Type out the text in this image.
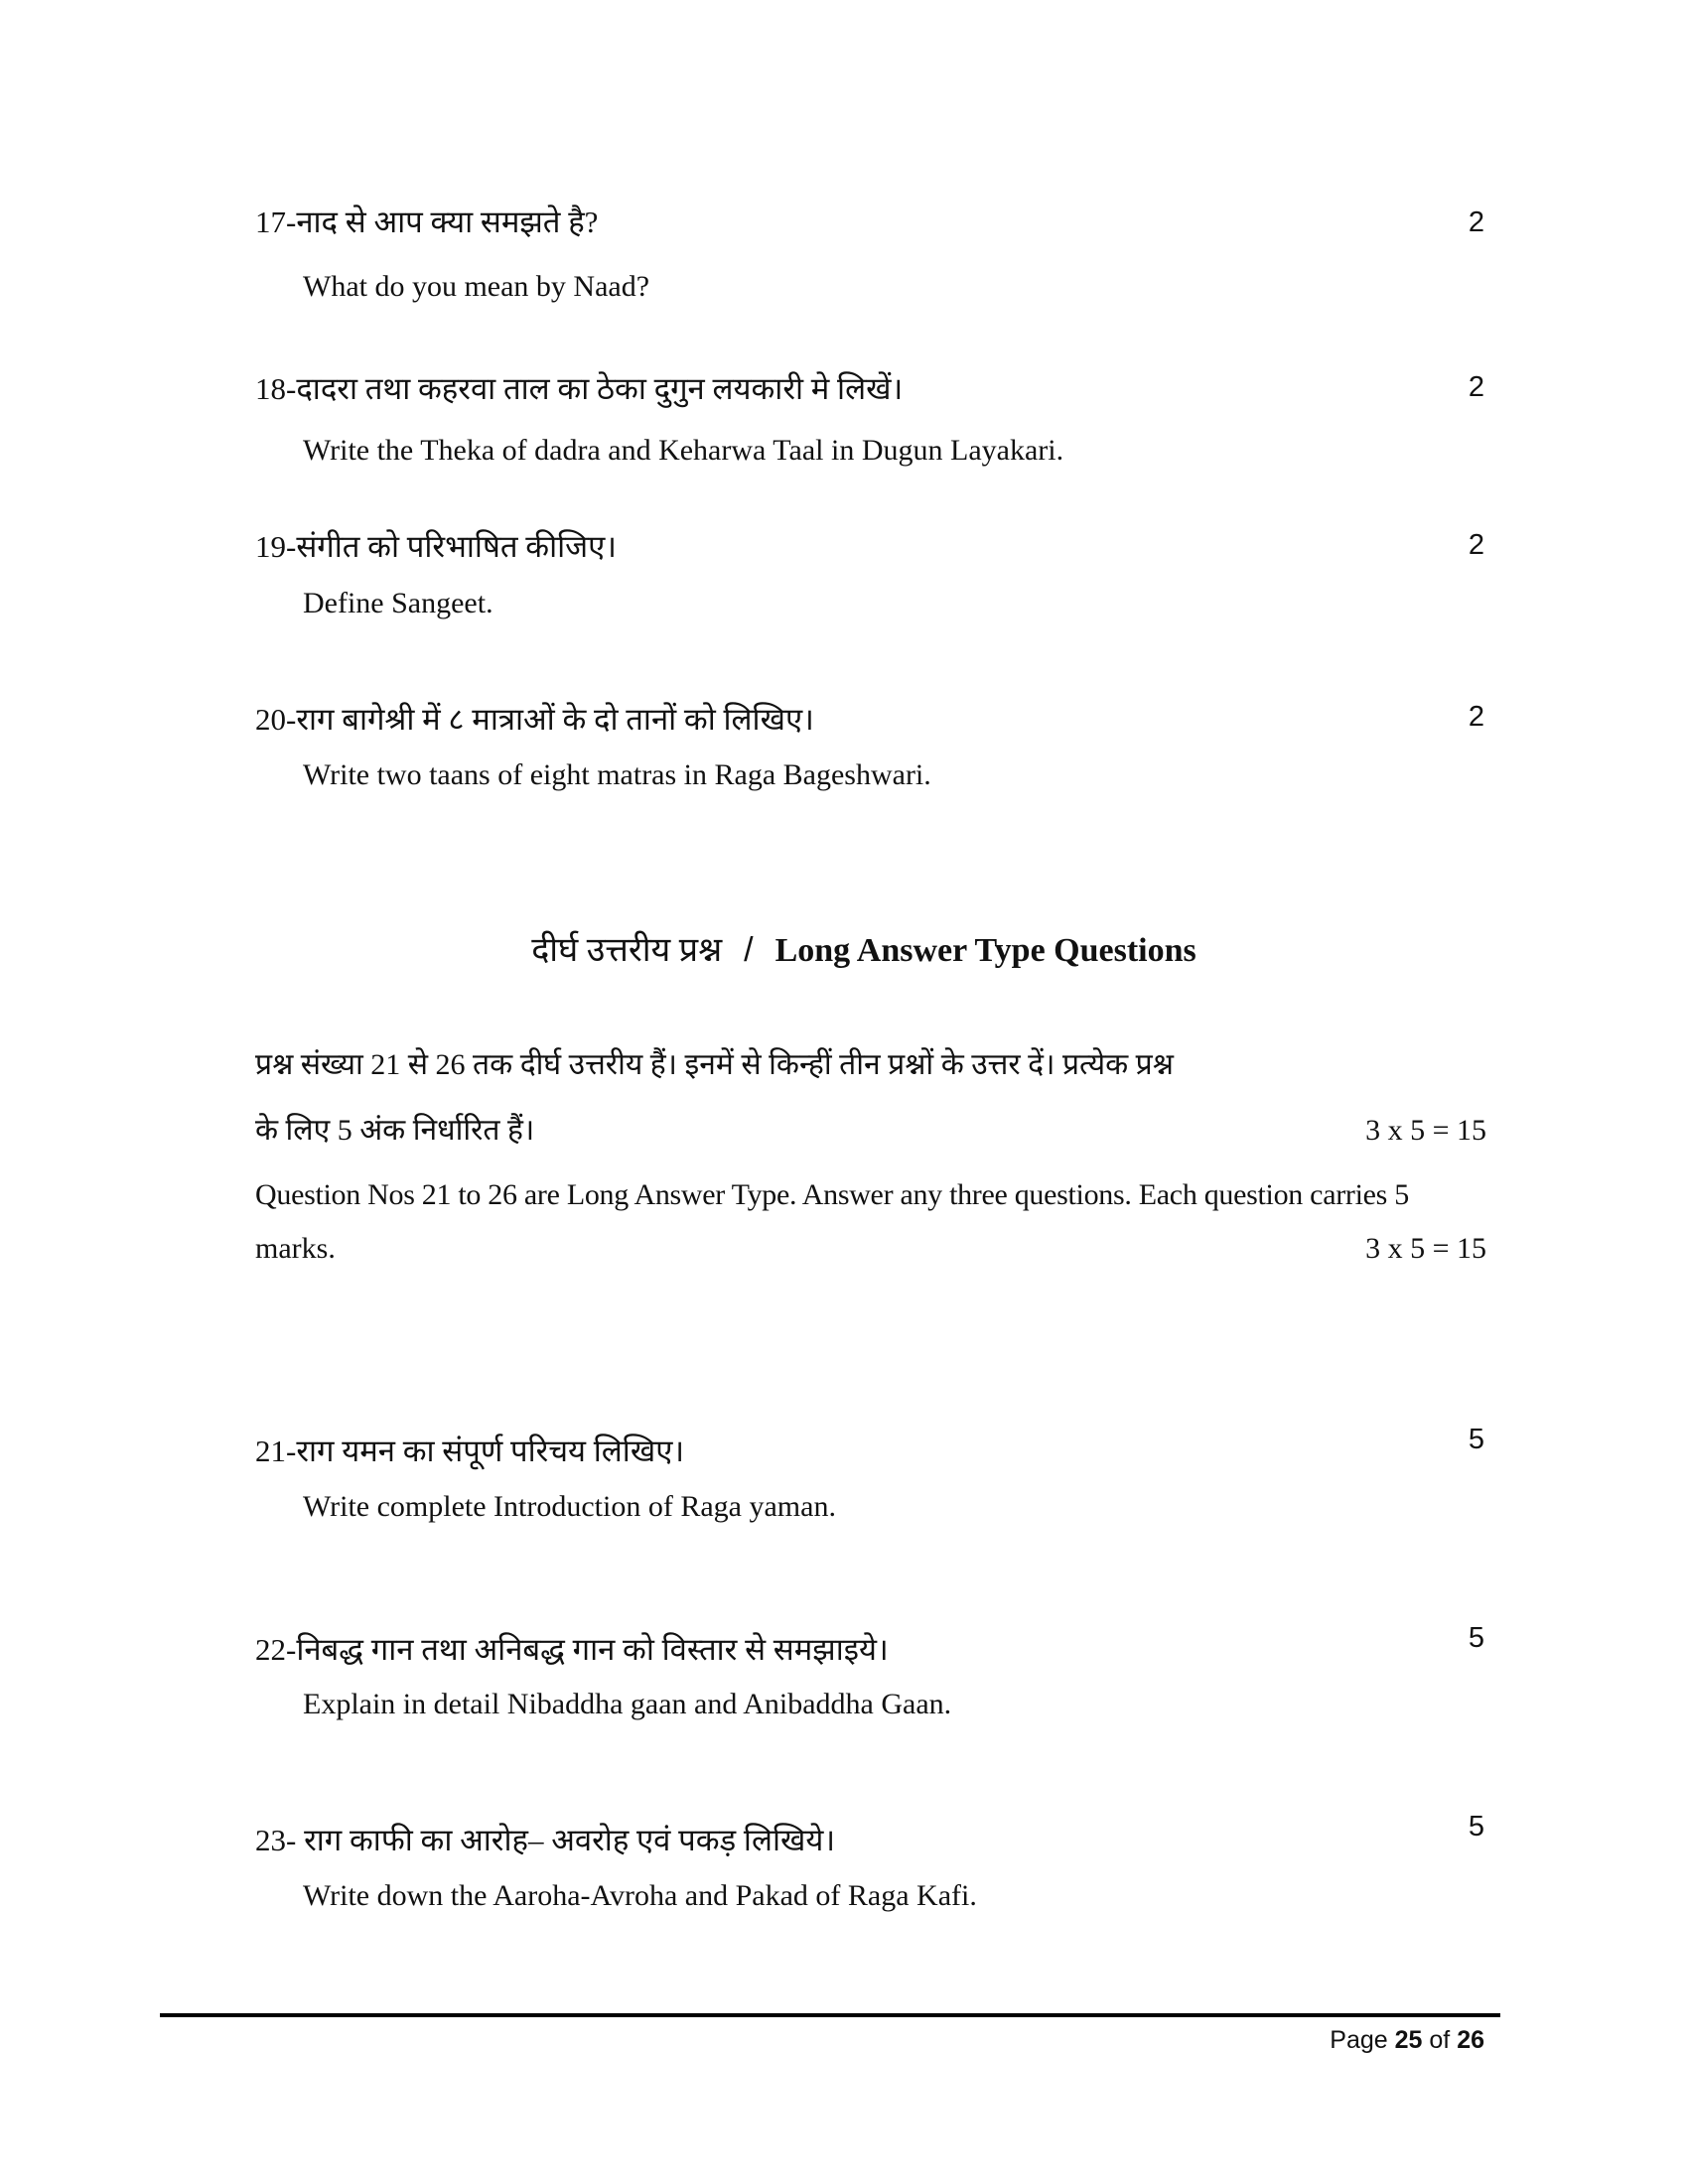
17-नाद से आप क्या समझते है?	2
What do you mean by Naad?
18-दादरा तथा कहरवा ताल का ठेका दुगुन लयकारी मे लिखें।	2
Write the Theka of dadra and Keharwa Taal in Dugun Layakari.
19-संगीत को परिभाषित कीजिए।	2
Define Sangeet.
20-राग बागेश्री में ८ मात्राओं के दो तानों को लिखिए।	2
Write two taans of eight matras in Raga Bageshwari.
दीर्घ उत्तरीय प्रश्न / Long Answer Type Questions
प्रश्न संख्या 21 से 26 तक दीर्घ उत्तरीय हैं। इनमें से किन्हीं तीन प्रश्नों के उत्तर दें। प्रत्येक प्रश्न
के लिए 5 अंक निर्धारित हैं।	3 x 5 = 15
Question Nos 21 to 26 are Long Answer Type. Answer any three questions. Each question carries 5
marks.	3 x 5 = 15
21-राग यमन का संपूर्ण परिचय लिखिए।	5
Write complete Introduction of Raga yaman.
22-निबद्ध गान तथा अनिबद्ध गान को विस्तार से समझाइये।	5
Explain in detail Nibaddha gaan and Anibaddha Gaan.
23- राग काफी का आरोह– अवरोह एवं पकड़ लिखिये।	5
Write down the Aaroha-Avroha and Pakad of Raga Kafi.
Page 25 of 26
